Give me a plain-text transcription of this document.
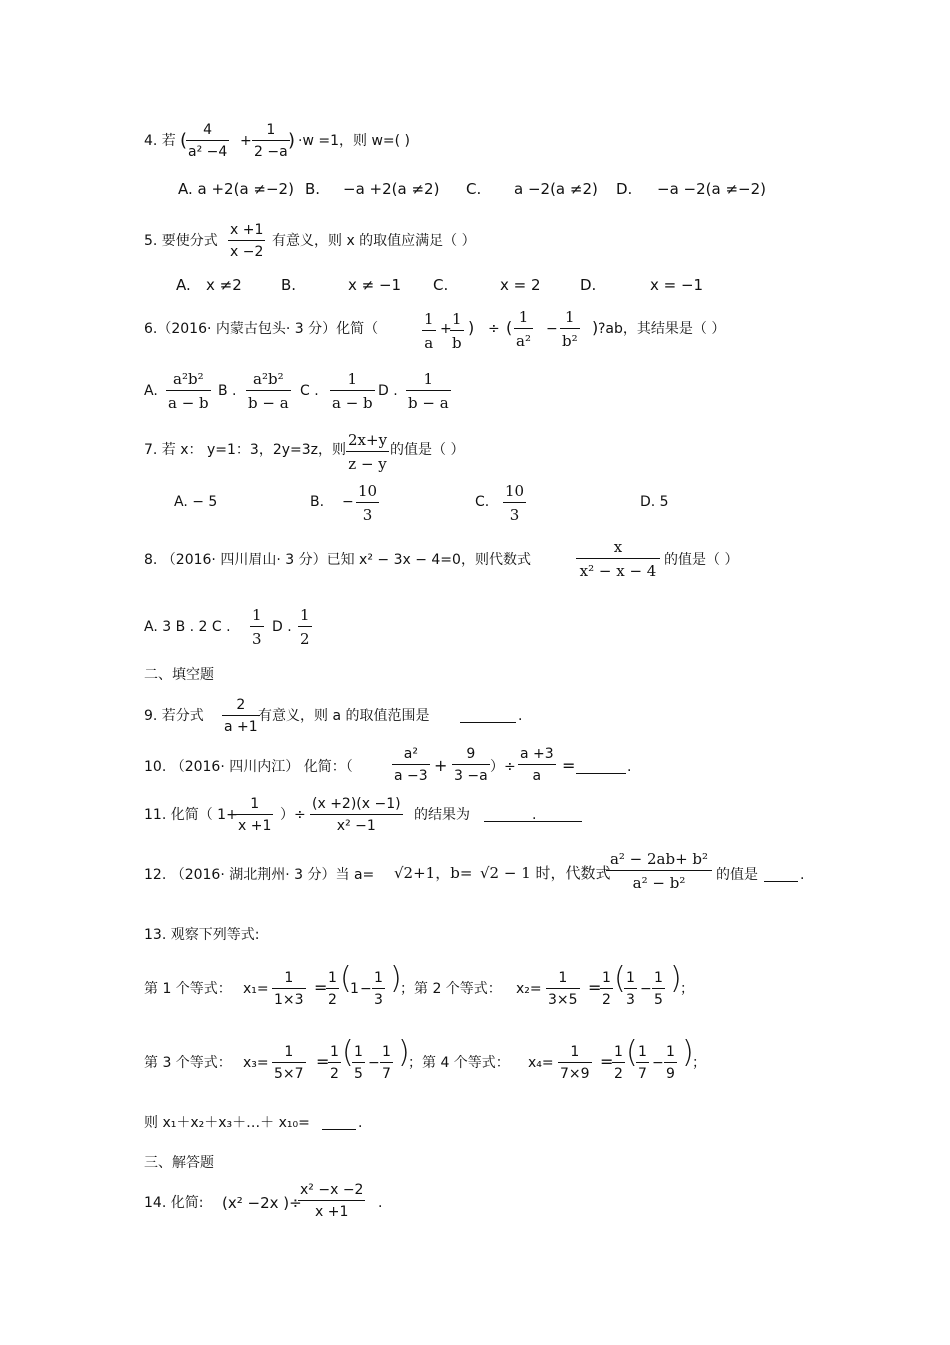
4. 若 (	4
a² −4
+
1
2 −a
) ·w =1，则 w=( )
A. a +2(a ≠−2) B. −a +2(a ≠2) C. a −2(a ≠2) D. −a −2(a ≠−2)
5. 要使分式
x +1
x −2
有意义，则 x 的取值应满足（ ）
A. x ≠2	B.	x ≠ −1 C.	x = 2	D.	x = −1
6.（2016· 内蒙古包头· 3 分）化简（
1
a
+
1
b
) ÷ (
1
a²
−
1
b²
) ?ab，其结果是（ ）
A.
a²b²
a − b
B .
a²b²
b − a
C .
1
a − b
D .
1
b − a
7. 若 x： y=1：3，2y=3z，则
2x+y
z − y
的值是（ ）
A. − 5	B. −
10
3
C.
10
3
D. 5
8. （2016· 四川眉山· 3 分）已知 x² − 3x − 4=0，则代数式
x
x² − x − 4
的值是（ ）
A. 3 B . 2 C .
1
3
D .
1
2
二、填空题
9. 若分式
2
a +1
有意义，则 a 的取值范围是	.
10. （2016· 四川内江） 化简：（
a²
a −3
+
9
3 −a
）÷
a +3
a
=	.
11. 化简（ 1+
1
x +1
）÷
(x +2)(x −1)
x² −1
的结果为	.
12. （2016· 湖北荆州· 3 分）当 a= √2+1，b= √2 − 1 时，代数式
a² − 2ab+ b²
a² − b²	的值是	.
13. 观察下列等式:
第 1 个等式： x₁=
1
1×3
= 1
2
(
1 −
1
3
)
；第 2 个等式： x₂=
1
3×5
= 1
2
( 1
3
−
1
5
)
；
第 3 个等式： x₃=
1
5×7
= 1
2
( 1
5
−
1
7
)
；第 4 个等式： x₄=
1
7×9
= 1
2
( 1
7
−
1
9
)
；
则 x₁＋x₂＋x₃＋…＋ x₁₀=	.
三、解答题
14. 化简: (x² −2x )÷
x² −x −2
x +1
.
